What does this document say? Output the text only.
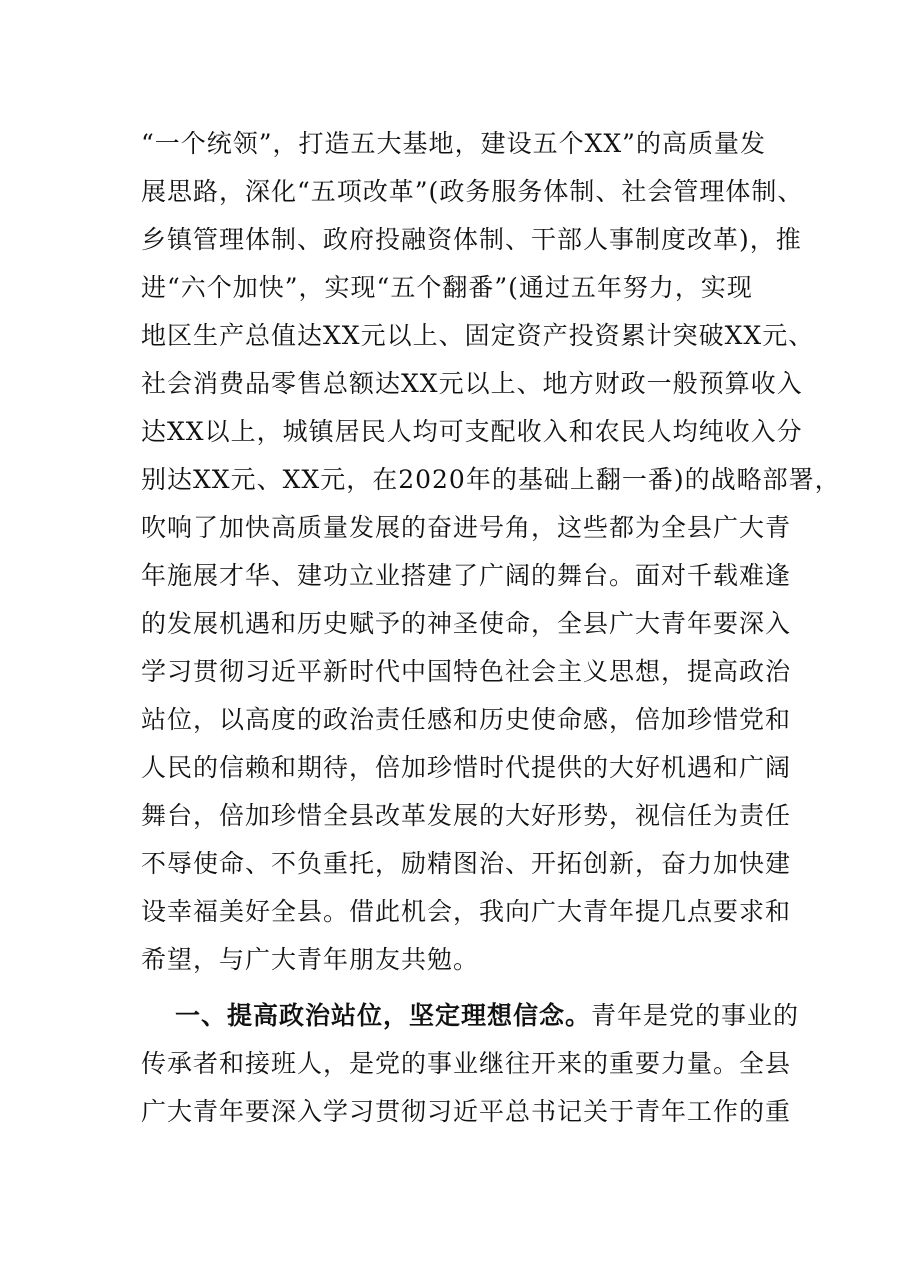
“一个统领”，打造五大基地，建设五个XX”的高质量发
展思路，深化“五项改革”(政务服务体制、社会管理体制、
乡镇管理体制、政府投融资体制、干部人事制度改革)，推
进“六个加快”，实现“五个翻番”(通过五年努力，实现
地区生产总值达XX元以上、固定资产投资累计突破XX元、
社会消费品零售总额达XX元以上、地方财政一般预算收入
达XX以上，城镇居民人均可支配收入和农民人均纯收入分
别达XX元、XX元，在2020年的基础上翻一番)的战略部署，
吹响了加快高质量发展的奋进号角，这些都为全县广大青
年施展才华、建功立业搭建了广阔的舞台。面对千载难逢
的发展机遇和历史赋予的神圣使命，全县广大青年要深入
学习贯彻习近平新时代中国特色社会主义思想，提高政治
站位，以高度的政治责任感和历史使命感，倍加珍惜党和
人民的信赖和期待，倍加珍惜时代提供的大好机遇和广阔
舞台，倍加珍惜全县改革发展的大好形势，视信任为责任
不辱使命、不负重托，励精图治、开拓创新，奋力加快建
设幸福美好全县。借此机会，我向广大青年提几点要求和
希望，与广大青年朋友共勉。
一、提高政治站位，坚定理想信念。青年是党的事业的
传承者和接班人，是党的事业继往开来的重要力量。全县
广大青年要深入学习贯彻习近平总书记关于青年工作的重
